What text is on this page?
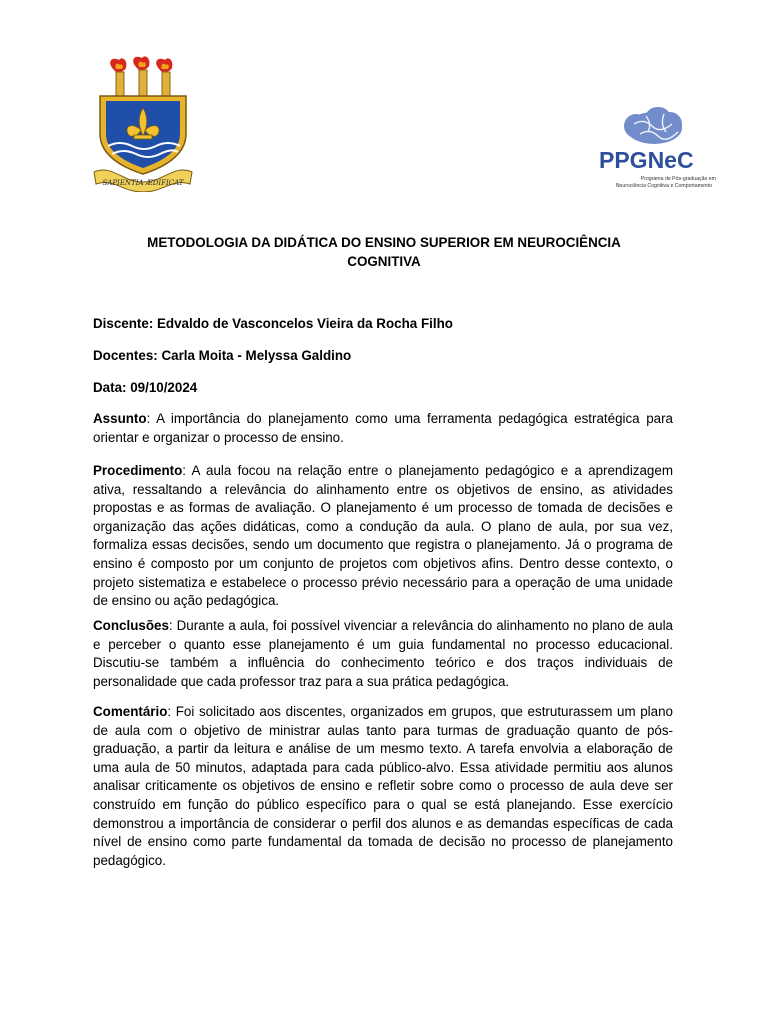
SAPIENTIA ÆDIFICAT
PPGNeC
Programa de Pós-graduação em
Neurociência Cognitiva e Comportamento
METODOLOGIA DA DIDÁTICA DO ENSINO SUPERIOR EM NEUROCIÊNCIA
COGNITIVA

Discente: Edvaldo de Vasconcelos Vieira da Rocha Filho

Docentes: Carla Moita - Melyssa Galdino

Data: 09/10/2024

Assunto: A importância do planejamento como uma ferramenta pedagógica estratégica para orientar e organizar o processo de ensino.

Procedimento: A aula focou na relação entre o planejamento pedagógico e a aprendizagem ativa, ressaltando a relevância do alinhamento entre os objetivos de ensino, as atividades propostas e as formas de avaliação. O planejamento é um processo de tomada de decisões e organização das ações didáticas, como a condução da aula. O plano de aula, por sua vez, formaliza essas decisões, sendo um documento que registra o planejamento. Já o programa de ensino é composto por um conjunto de projetos com objetivos afins. Dentro desse contexto, o projeto sistematiza e estabelece o processo prévio necessário para a operação de uma unidade de ensino ou ação pedagógica.

Conclusões: Durante a aula, foi possível vivenciar a relevância do alinhamento no plano de aula e perceber o quanto esse planejamento é um guia fundamental no processo educacional. Discutiu-se também a influência do conhecimento teórico e dos traços individuais de personalidade que cada professor traz para a sua prática pedagógica.

Comentário: Foi solicitado aos discentes, organizados em grupos, que estruturassem um plano de aula com o objetivo de ministrar aulas tanto para turmas de graduação quanto de pós-graduação, a partir da leitura e análise de um mesmo texto. A tarefa envolvia a elaboração de uma aula de 50 minutos, adaptada para cada público-alvo. Essa atividade permitiu aos alunos analisar criticamente os objetivos de ensino e refletir sobre como o processo de aula deve ser construído em função do público específico para o qual se está planejando. Esse exercício demonstrou a importância de considerar o perfil dos alunos e as demandas específicas de cada nível de ensino como parte fundamental da tomada de decisão no processo de planejamento pedagógico.
